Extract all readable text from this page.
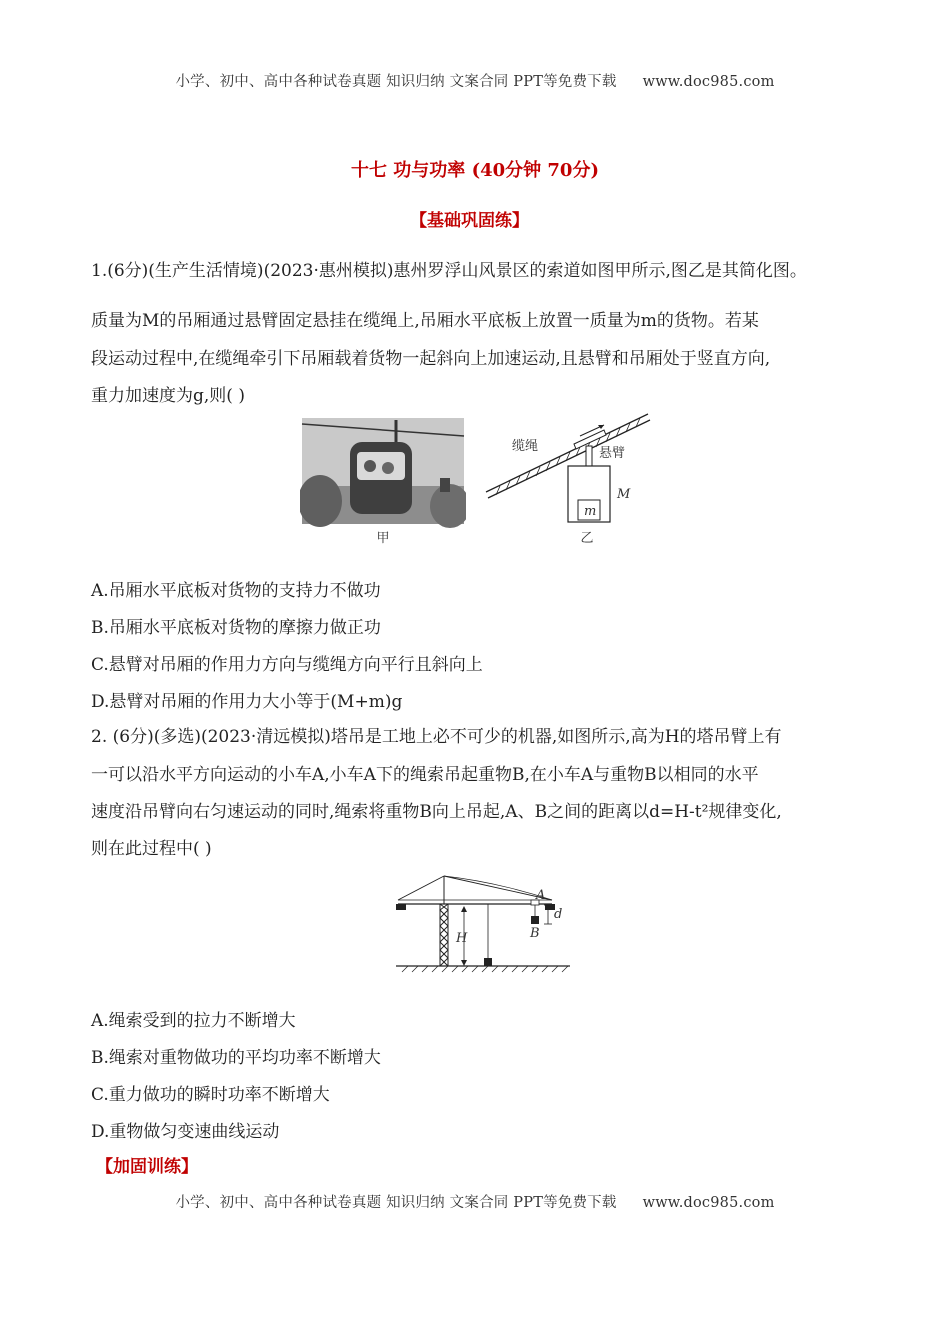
小学、初中、高中各种试卷真题 知识归纳 文案合同 PPT等免费下载 www.doc985.com
十七 功与功率 (40分钟 70分)
【基础巩固练】
1.(6分)(生产生活情境)(2023·惠州模拟)惠州罗浮山风景区的索道如图甲所示,图乙是其简化图。
质量为M的吊厢通过悬臂固定悬挂在缆绳上,吊厢水平底板上放置一质量为m的货物。若某
段运动过程中,在缆绳牵引下吊厢载着货物一起斜向上加速运动,且悬臂和吊厢处于竖直方向,
重力加速度为g,则( )
甲
缆绳	悬臂
M
m
乙
A.吊厢水平底板对货物的支持力不做功
B.吊厢水平底板对货物的摩擦力做正功
C.悬臂对吊厢的作用力方向与缆绳方向平行且斜向上
D.悬臂对吊厢的作用力大小等于(M+m)g
2. (6分)(多选)(2023·清远模拟)塔吊是工地上必不可少的机器,如图所示,高为H的塔吊臂上有
一可以沿水平方向运动的小车A,小车A下的绳索吊起重物B,在小车A与重物B以相同的水平
速度沿吊臂向右匀速运动的同时,绳索将重物B向上吊起,A、B之间的距离以d=H-t²规律变化,
则在此过程中( )
H
A
d
B
A.绳索受到的拉力不断增大
B.绳索对重物做功的平均功率不断增大
C.重力做功的瞬时功率不断增大
D.重物做匀变速曲线运动
【加固训练】
小学、初中、高中各种试卷真题 知识归纳 文案合同 PPT等免费下载 www.doc985.com
